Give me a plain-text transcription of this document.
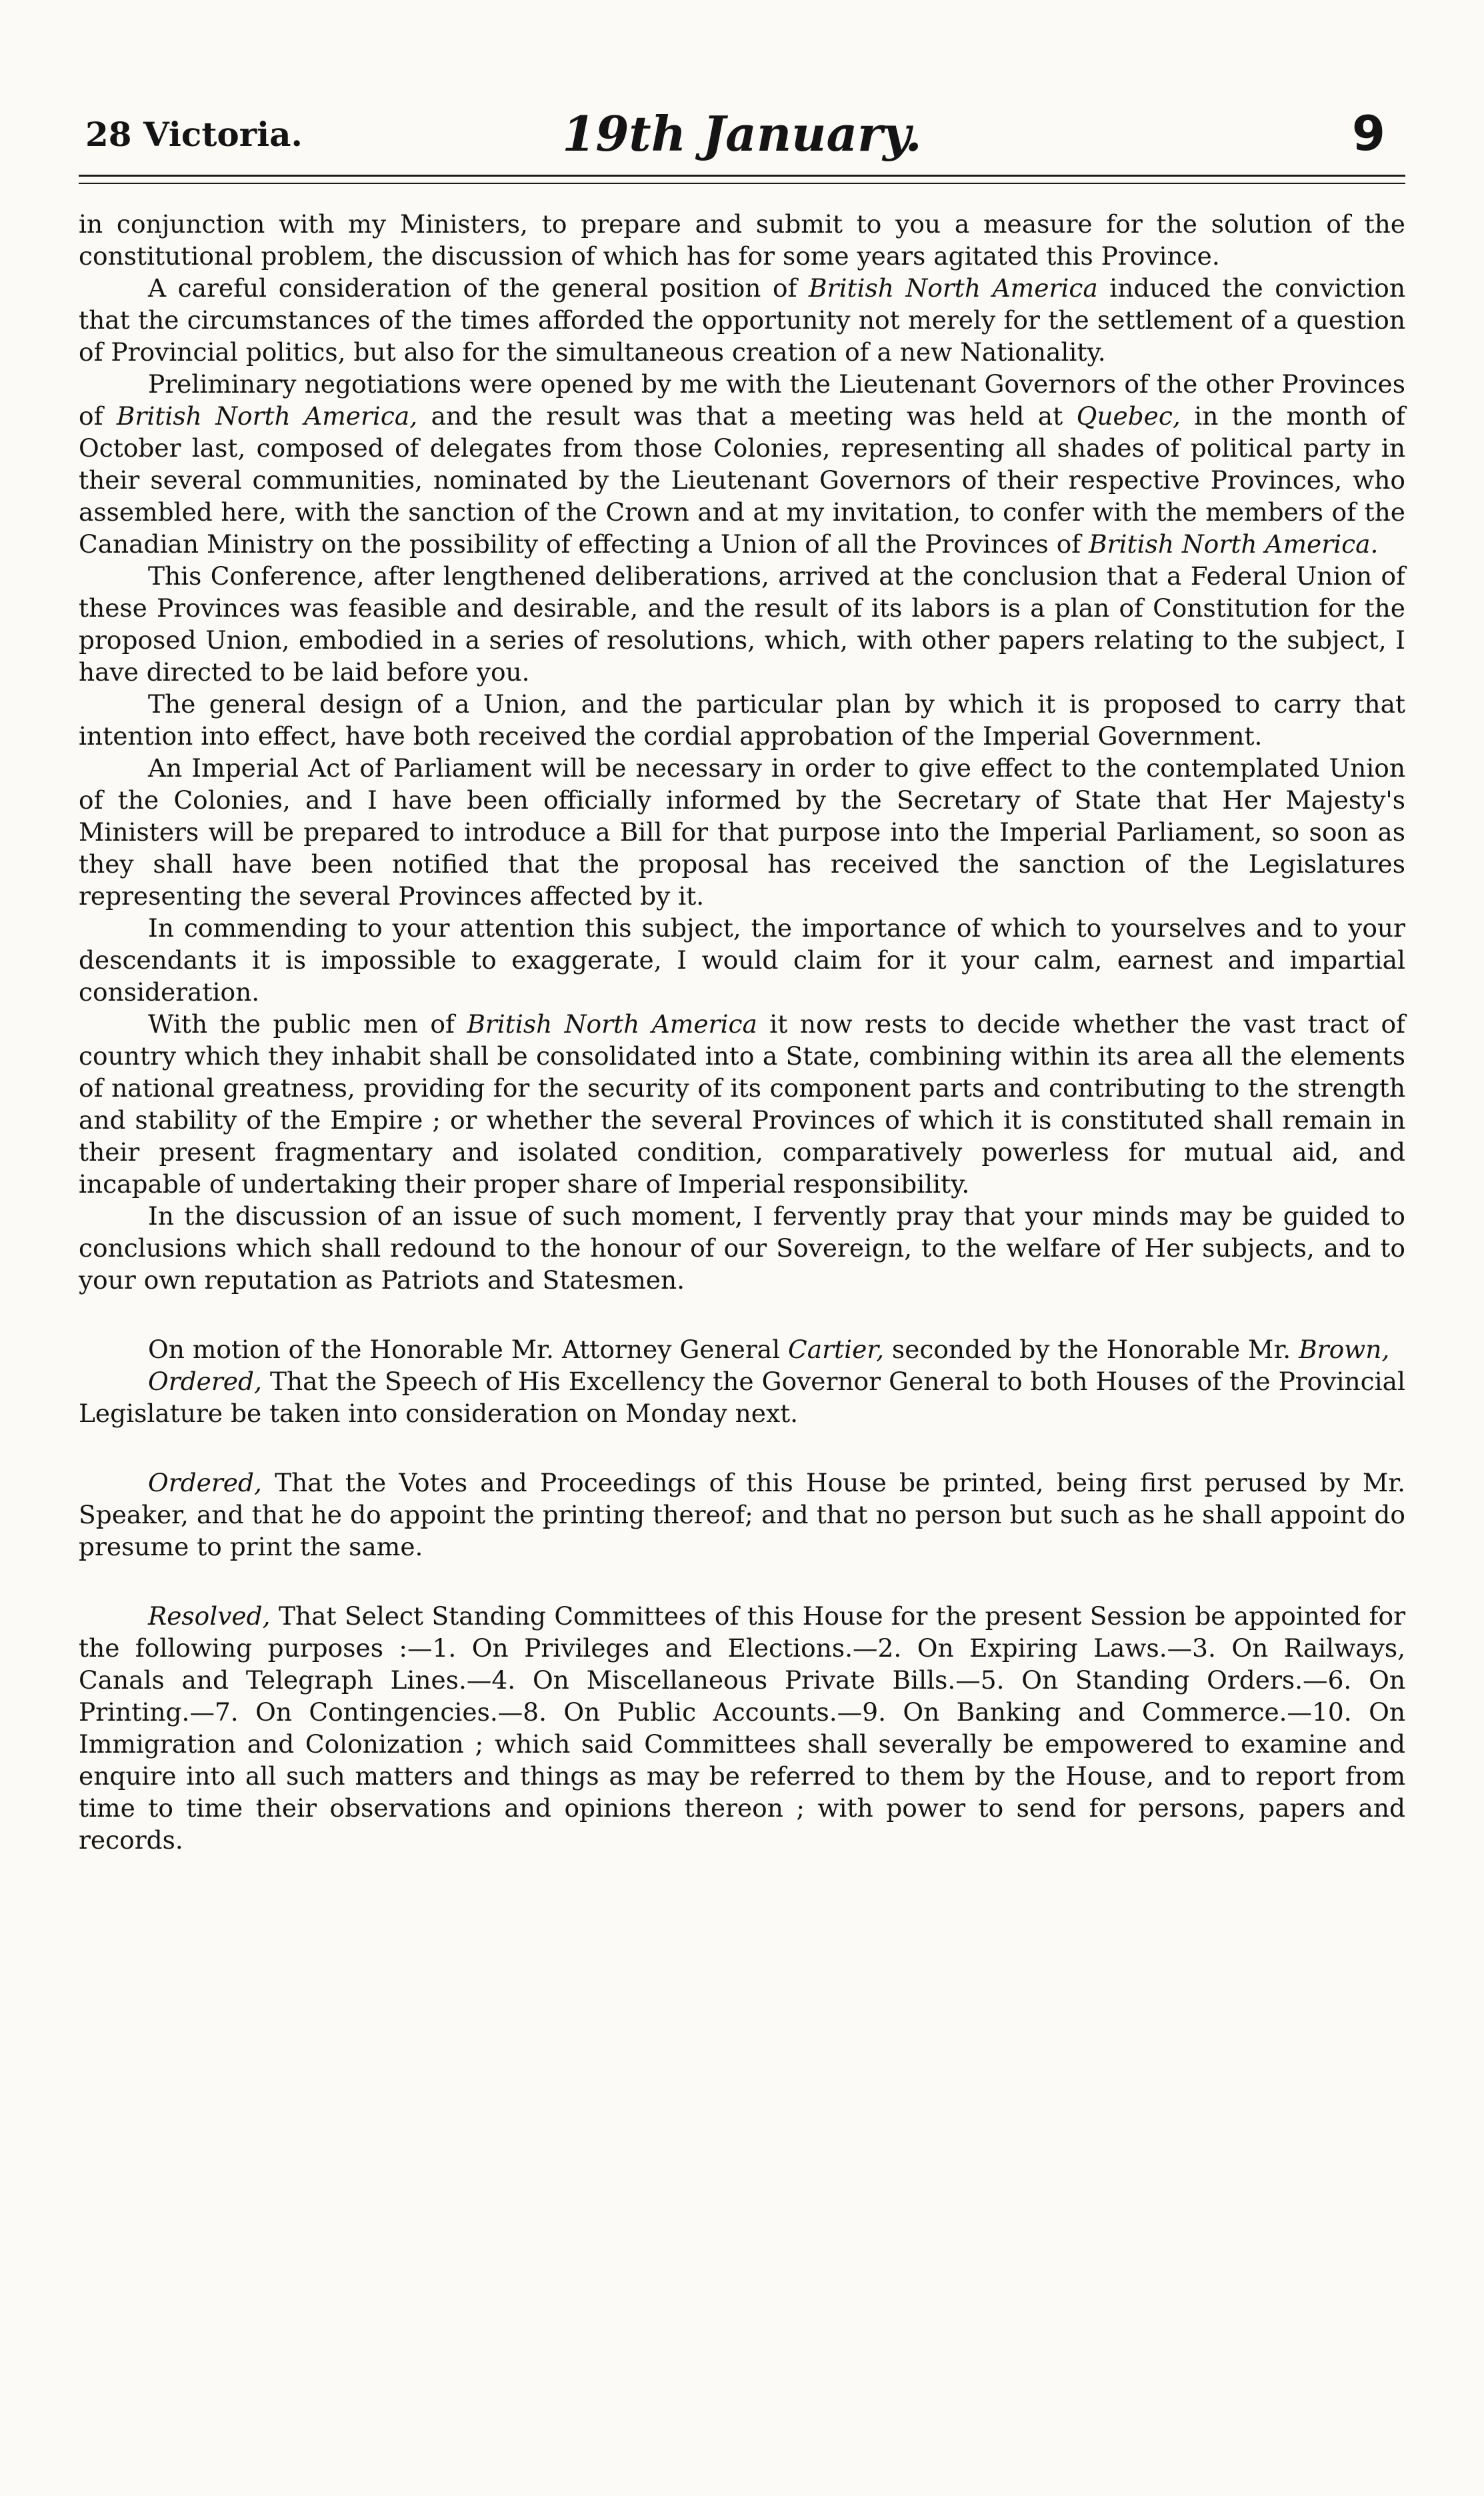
28 Victoria.	19th January.	9

in conjunction with my Ministers, to prepare and submit to you a measure for the solution of the constitutional problem, the discussion of which has for some years agitated this Province.

A careful consideration of the general position of British North America induced the conviction that the circumstances of the times afforded the opportunity not merely for the settlement of a question of Provincial politics, but also for the simultaneous creation of a new Nationality.

Preliminary negotiations were opened by me with the Lieutenant Governors of the other Provinces of British North America, and the result was that a meeting was held at Quebec, in the month of October last, composed of delegates from those Colonies, representing all shades of political party in their several communities, nominated by the Lieutenant Governors of their respective Provinces, who assembled here, with the sanction of the Crown and at my invitation, to confer with the members of the Canadian Ministry on the possibility of effecting a Union of all the Provinces of British North America.

This Conference, after lengthened deliberations, arrived at the conclusion that a Federal Union of these Provinces was feasible and desirable, and the result of its labors is a plan of Constitution for the proposed Union, embodied in a series of resolutions, which, with other papers relating to the subject, I have directed to be laid before you.

The general design of a Union, and the particular plan by which it is proposed to carry that intention into effect, have both received the cordial approbation of the Imperial Government.

An Imperial Act of Parliament will be necessary in order to give effect to the contemplated Union of the Colonies, and I have been officially informed by the Secretary of State that Her Majesty's Ministers will be prepared to introduce a Bill for that purpose into the Imperial Parliament, so soon as they shall have been notified that the proposal has received the sanction of the Legislatures representing the several Provinces affected by it.

In commending to your attention this subject, the importance of which to yourselves and to your descendants it is impossible to exaggerate, I would claim for it your calm, earnest and impartial consideration.

With the public men of British North America it now rests to decide whether the vast tract of country which they inhabit shall be consolidated into a State, combining within its area all the elements of national greatness, providing for the security of its component parts and contributing to the strength and stability of the Empire ; or whether the several Provinces of which it is constituted shall remain in their present fragmentary and isolated condition, comparatively powerless for mutual aid, and incapable of undertaking their proper share of Imperial responsibility.

In the discussion of an issue of such moment, I fervently pray that your minds may be guided to conclusions which shall redound to the honour of our Sovereign, to the welfare of Her subjects, and to your own reputation as Patriots and Statesmen.

On motion of the Honorable Mr. Attorney General Cartier, seconded by the Honorable Mr. Brown,

Ordered, That the Speech of His Excellency the Governor General to both Houses of the Provincial Legislature be taken into consideration on Monday next.

Ordered, That the Votes and Proceedings of this House be printed, being first perused by Mr. Speaker, and that he do appoint the printing thereof; and that no person but such as he shall appoint do presume to print the same.

Resolved, That Select Standing Committees of this House for the present Session be appointed for the following purposes :—1. On Privileges and Elections.—2. On Expiring Laws.—3. On Railways, Canals and Telegraph Lines.—4. On Miscellaneous Private Bills.—5. On Standing Orders.—6. On Printing.—7. On Contingencies.—8. On Public Accounts.—9. On Banking and Commerce.—10. On Immigration and Colonization ; which said Committees shall severally be empowered to examine and enquire into all such matters and things as may be referred to them by the House, and to report from time to time their observations and opinions thereon ; with power to send for persons, papers and records.
